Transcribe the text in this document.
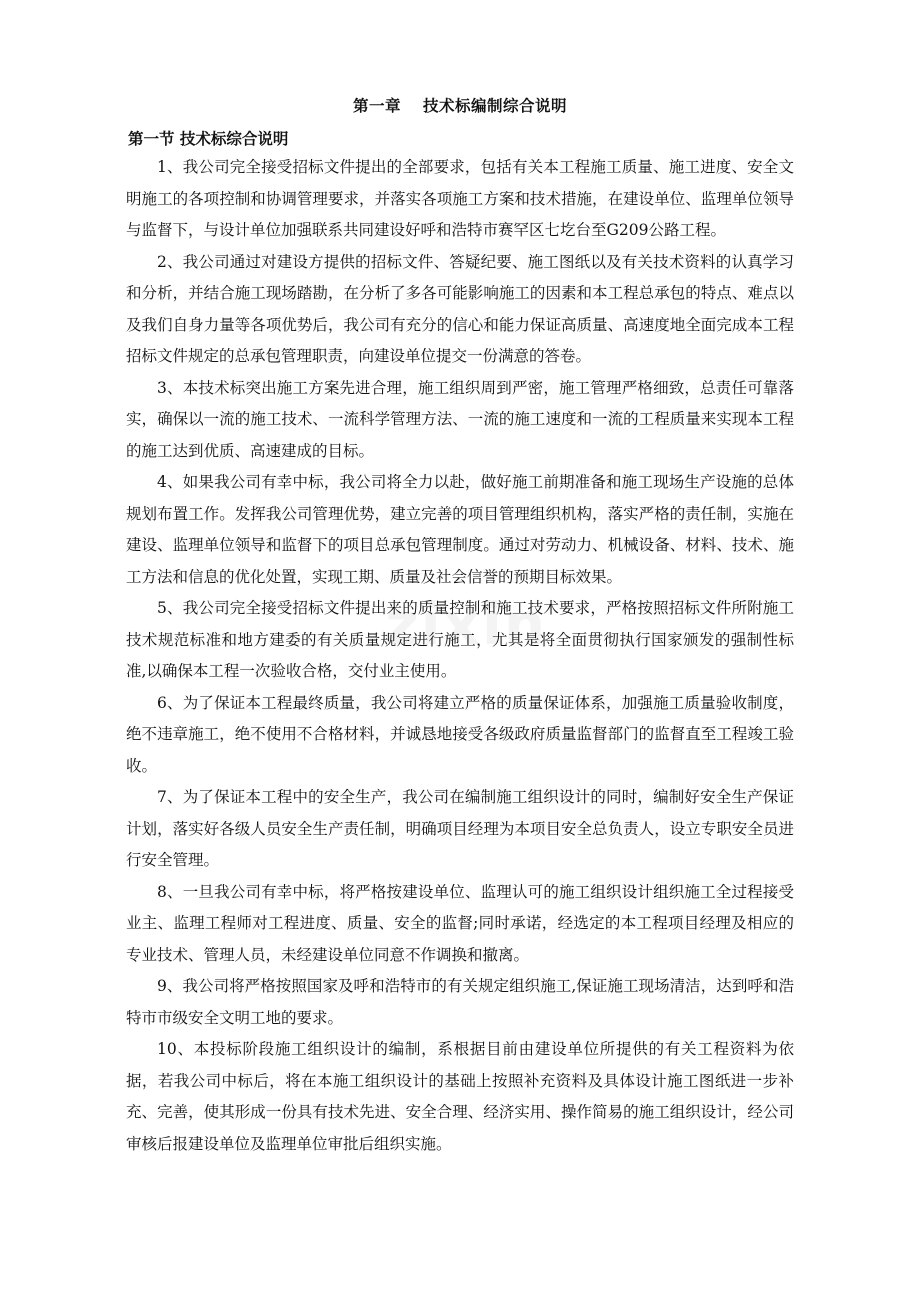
第一章 技术标编制综合说明
第一节 技术标综合说明

1、我公司完全接受招标文件提出的全部要求，包括有关本工程施工质量、施工进度、安全文明施工的各项控制和协调管理要求，并落实各项施工方案和技术措施，在建设单位、监理单位领导与监督下，与设计单位加强联系共同建设好呼和浩特市赛罕区七圪台至G209公路工程。

2、我公司通过对建设方提供的招标文件、答疑纪要、施工图纸以及有关技术资料的认真学习和分析，并结合施工现场踏勘，在分析了多各可能影响施工的因素和本工程总承包的特点、难点以及我们自身力量等各项优势后，我公司有充分的信心和能力保证高质量、高速度地全面完成本工程招标文件规定的总承包管理职责，向建设单位提交一份满意的答卷。

3、本技术标突出施工方案先进合理，施工组织周到严密，施工管理严格细致，总责任可靠落实，确保以一流的施工技术、一流科学管理方法、一流的施工速度和一流的工程质量来实现本工程的施工达到优质、高速建成的目标。

4、如果我公司有幸中标，我公司将全力以赴，做好施工前期准备和施工现场生产设施的总体规划布置工作。发挥我公司管理优势，建立完善的项目管理组织机构，落实严格的责任制，实施在建设、监理单位领导和监督下的项目总承包管理制度。通过对劳动力、机械设备、材料、技术、施工方法和信息的优化处置，实现工期、质量及社会信誉的预期目标效果。

5、我公司完全接受招标文件提出来的质量控制和施工技术要求，严格按照招标文件所附施工技术规范标准和地方建委的有关质量规定进行施工，尤其是将全面贯彻执行国家颁发的强制性标准,以确保本工程一次验收合格，交付业主使用。

6、为了保证本工程最终质量，我公司将建立严格的质量保证体系，加强施工质量验收制度，绝不违章施工，绝不使用不合格材料，并诚恳地接受各级政府质量监督部门的监督直至工程竣工验收。

7、为了保证本工程中的安全生产，我公司在编制施工组织设计的同时，编制好安全生产保证计划，落实好各级人员安全生产责任制，明确项目经理为本项目安全总负责人，设立专职安全员进行安全管理。

8、一旦我公司有幸中标，将严格按建设单位、监理认可的施工组织设计组织施工全过程接受业主、监理工程师对工程进度、质量、安全的监督;同时承诺，经选定的本工程项目经理及相应的专业技术、管理人员，未经建设单位同意不作调换和撤离。

9、我公司将严格按照国家及呼和浩特市的有关规定组织施工,保证施工现场清洁，达到呼和浩特市市级安全文明工地的要求。

10、本投标阶段施工组织设计的编制，系根据目前由建设单位所提供的有关工程资料为依据，若我公司中标后，将在本施工组织设计的基础上按照补充资料及具体设计施工图纸进一步补充、完善，使其形成一份具有技术先进、安全合理、经济实用、操作简易的施工组织设计，经公司审核后报建设单位及监理单位审批后组织实施。
